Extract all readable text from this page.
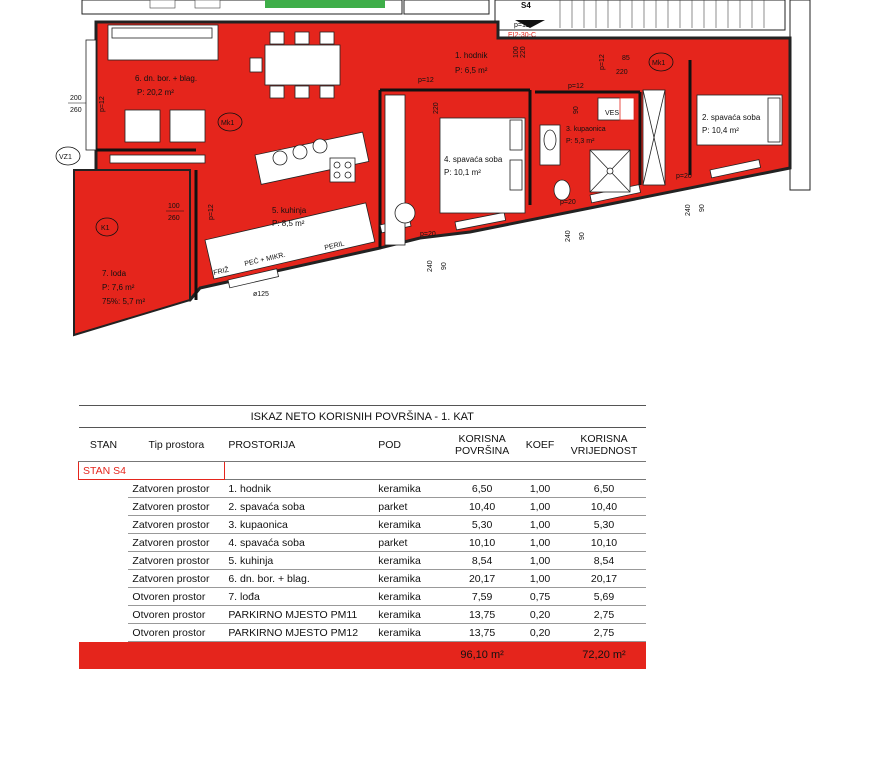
S4
p=12
EI2-30-C
FRIŽ
PEĆ + MIKR.
PERIL
1. hodnik
P: 6,5 m²
2. spavaća soba
P: 10,4 m²
3. kupaonica
P: 5,3 m²
4. spavaća soba
P: 10,1 m²
5. kuhinja
P: 8,5 m²
6. dn. bor. + blag.
P: 20,2 m²
7. loda
P: 7,6 m²
75%: 5,7 m²
Mk1
Mk1
K1
VZ1
VES
200
260 p=12
100
260	p=12
p=12
220
100 220
p=12 85
220
p=12
90
p=20
240 90
p=20
240 90
p=20
240 90
ø125
ISKAZ NETO KORISNIH POVRŠINA - 1. KAT						
STAN	Tip prostora	PROSTORIJA	POD	KORISNA
POVRŠINA	KOEF	KORISNA
VRIJEDNOST
STAN S4						
	Zatvoren prostor	1. hodnik	keramika	6,50	1,00	6,50
	Zatvoren prostor	2. spavaća soba	parket	10,40	1,00	10,40
	Zatvoren prostor	3. kupaonica	keramika	5,30	1,00	5,30
	Zatvoren prostor	4. spavaća soba	parket	10,10	1,00	10,10
	Zatvoren prostor	5. kuhinja	keramika	8,54	1,00	8,54
	Zatvoren prostor	6. dn. bor. + blag.	keramika	20,17	1,00	20,17
	Otvoren prostor	7. lođa	keramika	7,59	0,75	5,69
	Otvoren prostor	PARKIRNO MJESTO PM11	keramika	13,75	0,20	2,75
	Otvoren prostor	PARKIRNO MJESTO PM12	keramika	13,75	0,20	2,75
				96,10 m²		72,20 m²
